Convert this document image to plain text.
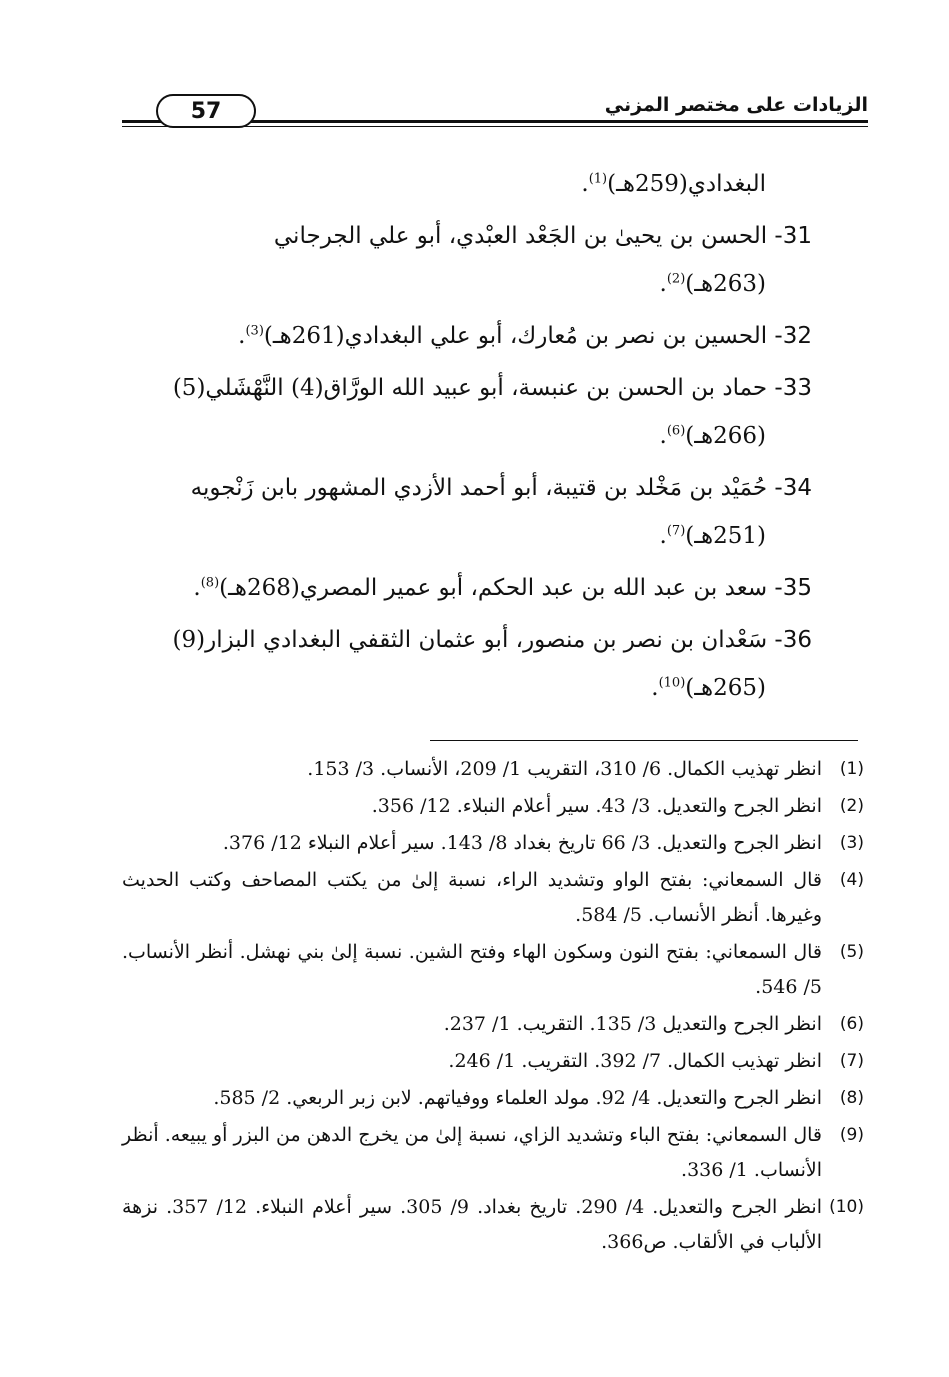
57	الزيادات على مختصر المزني

البغدادي(259هـ)$^{(1)}$.

31- الحسن بن يحيىٰ بن الجَعْد العبْدي، أبو علي الجرجاني
(263هـ)$^{(2)}$.

32- الحسين بن نصر بن مُعارك، أبو علي البغدادي(261هـ)$^{(3)}$.

33- حماد بن الحسن بن عنبسة، أبو عبيد الله الورَّاق(4) النَّهْشَلي(5)
(266هـ)$^{(6)}$.

34- حُمَيْد بن مَخْلد بن قتيبة، أبو أحمد الأزدي المشهور بابن زَنْجويه
(251هـ)$^{(7)}$.

35- سعد بن عبد الله بن عبد الحكم، أبو عمير المصري(268هـ)$^{(8)}$.

36- سَعْدان بن نصر بن منصور، أبو عثمان الثقفي البغدادي البزار(9)
(265هـ)$^{(10)}$.

(1)
انظر تهذيب الكمال. 6/ 310، التقريب 1/ 209، الأنساب. 3/ 153.
(2)
انظر الجرح والتعديل. 3/ 43. سير أعلام النبلاء. 12/ 356.
(3)
انظر الجرح والتعديل. 3/ 66 تاريخ بغداد 8/ 143. سير أعلام النبلاء 12/ 376.
(4)
قال السمعاني: بفتح الواو وتشديد الراء، نسبة إلىٰ من يكتب المصاحف وكتب الحديث وغيرها. أنظر الأنساب. 5/ 584.
(5)
قال السمعاني: بفتح النون وسكون الهاء وفتح الشين. نسبة إلىٰ بني نهشل. أنظر الأنساب. 5/ 546.
(6)
انظر الجرح والتعديل 3/ 135. التقريب. 1/ 237.
(7)
انظر تهذيب الكمال. 7/ 392. التقريب. 1/ 246.
(8)
انظر الجرح والتعديل. 4/ 92. مولد العلماء ووفياتهم. لابن زبر الربعي. 2/ 585.
(9)
قال السمعاني: بفتح الباء وتشديد الزاي، نسبة إلىٰ من يخرج الدهن من البزر أو يبيعه. أنظر الأنساب. 1/ 336.
(10)
انظر الجرح والتعديل. 4/ 290. تاريخ بغداد. 9/ 305. سير أعلام النبلاء. 12/ 357. نزهة الألباب في الألقاب. ص366.
